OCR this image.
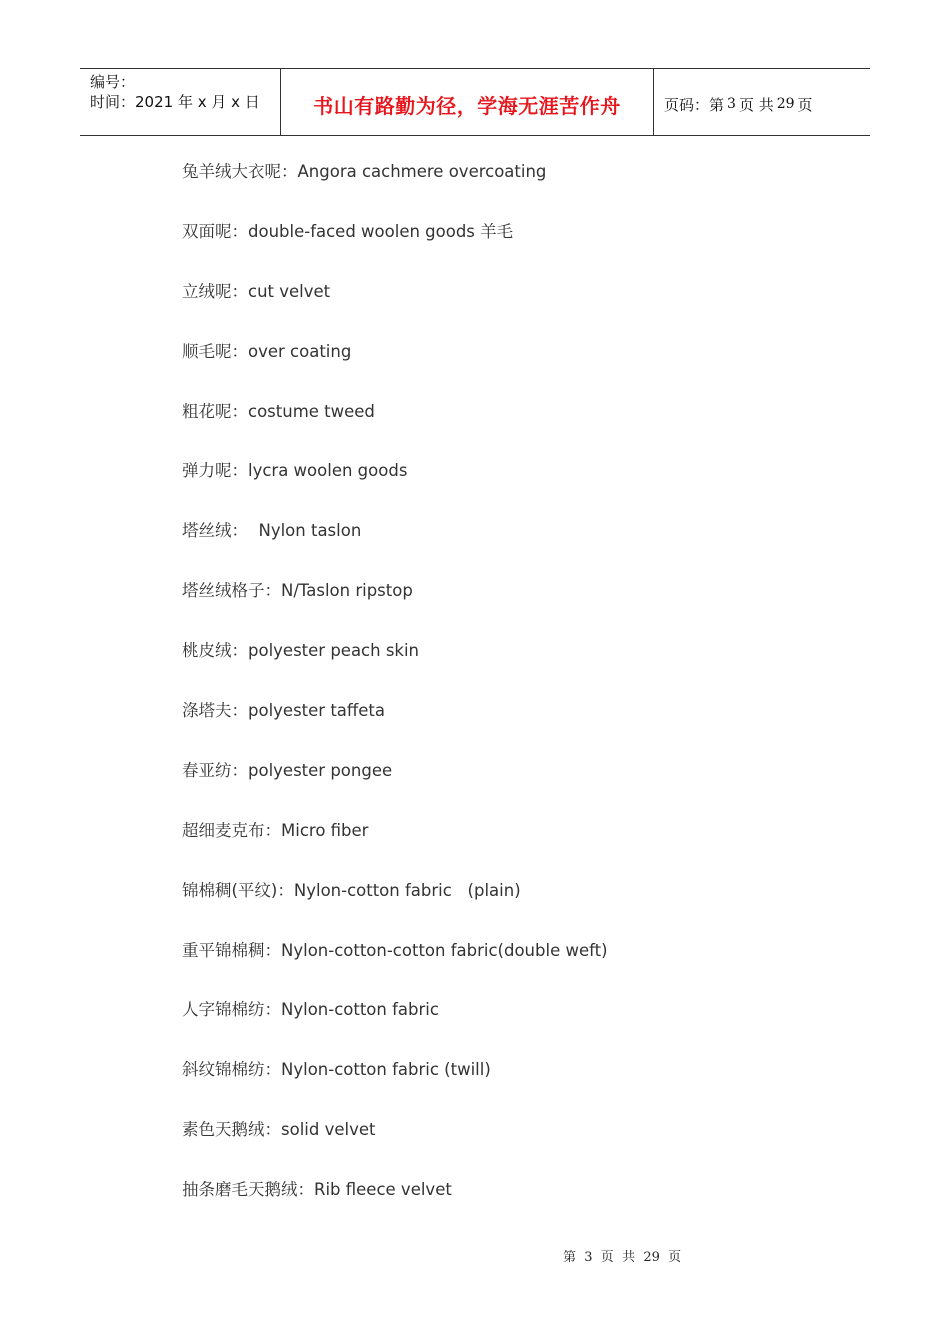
编号：
时间：2021 年 x 月 x 日	书山有路勤为径，学海无涯苦作舟	页码：第 3 页 共 29 页
兔羊绒大衣呢：Angora cachmere overcoating
双面呢：double-faced woolen goods 羊毛
立绒呢：cut velvet
顺毛呢：over coating
粗花呢：costume tweed
弹力呢：lycra woolen goods
塔丝绒：  Nylon taslon
塔丝绒格子：N/Taslon ripstop
桃皮绒：polyester peach skin
涤塔夫：polyester taffeta
春亚纺：polyester pongee
超细麦克布：Micro fiber
锦棉稠(平纹)：Nylon-cotton fabric   (plain)
重平锦棉稠：Nylon-cotton-cotton fabric(double weft)
人字锦棉纺：Nylon-cotton fabric
斜纹锦棉纺：Nylon-cotton fabric (twill)
素色天鹅绒：solid velvet
抽条磨毛天鹅绒：Rib fleece velvet
第  3  页  共  29  页
